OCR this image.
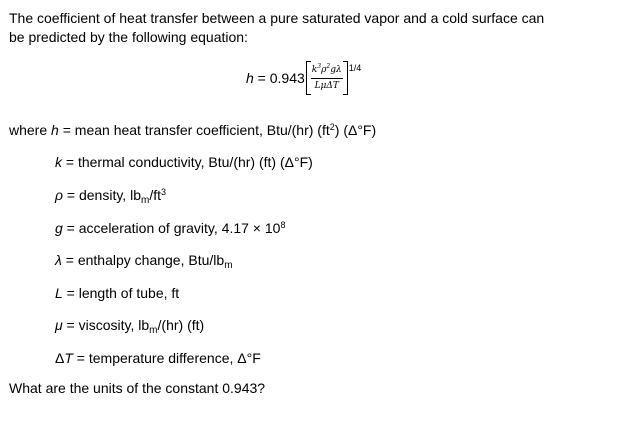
The coefficient of heat transfer between a pure saturated vapor and a cold surface can
be predicted by the following equation:
h = 0.943
$k^3\rho^2g\lambda$
LμΔT
1/4
where h = mean heat transfer coefficient, Btu/(hr) $(ft^2)$ (Δ°F)
k = thermal conductivity, Btu/(hr) (ft) (Δ°F)
ρ = density, $lb_m/ft^3$
g = acceleration of gravity, $4.17 \times 10^8$
λ = enthalpy change, Btu/$lb_m$
L = length of tube, ft
μ = viscosity, $lb_m/(hr)$ (ft)
ΔT = temperature difference, Δ°F
What are the units of the constant 0.943?
